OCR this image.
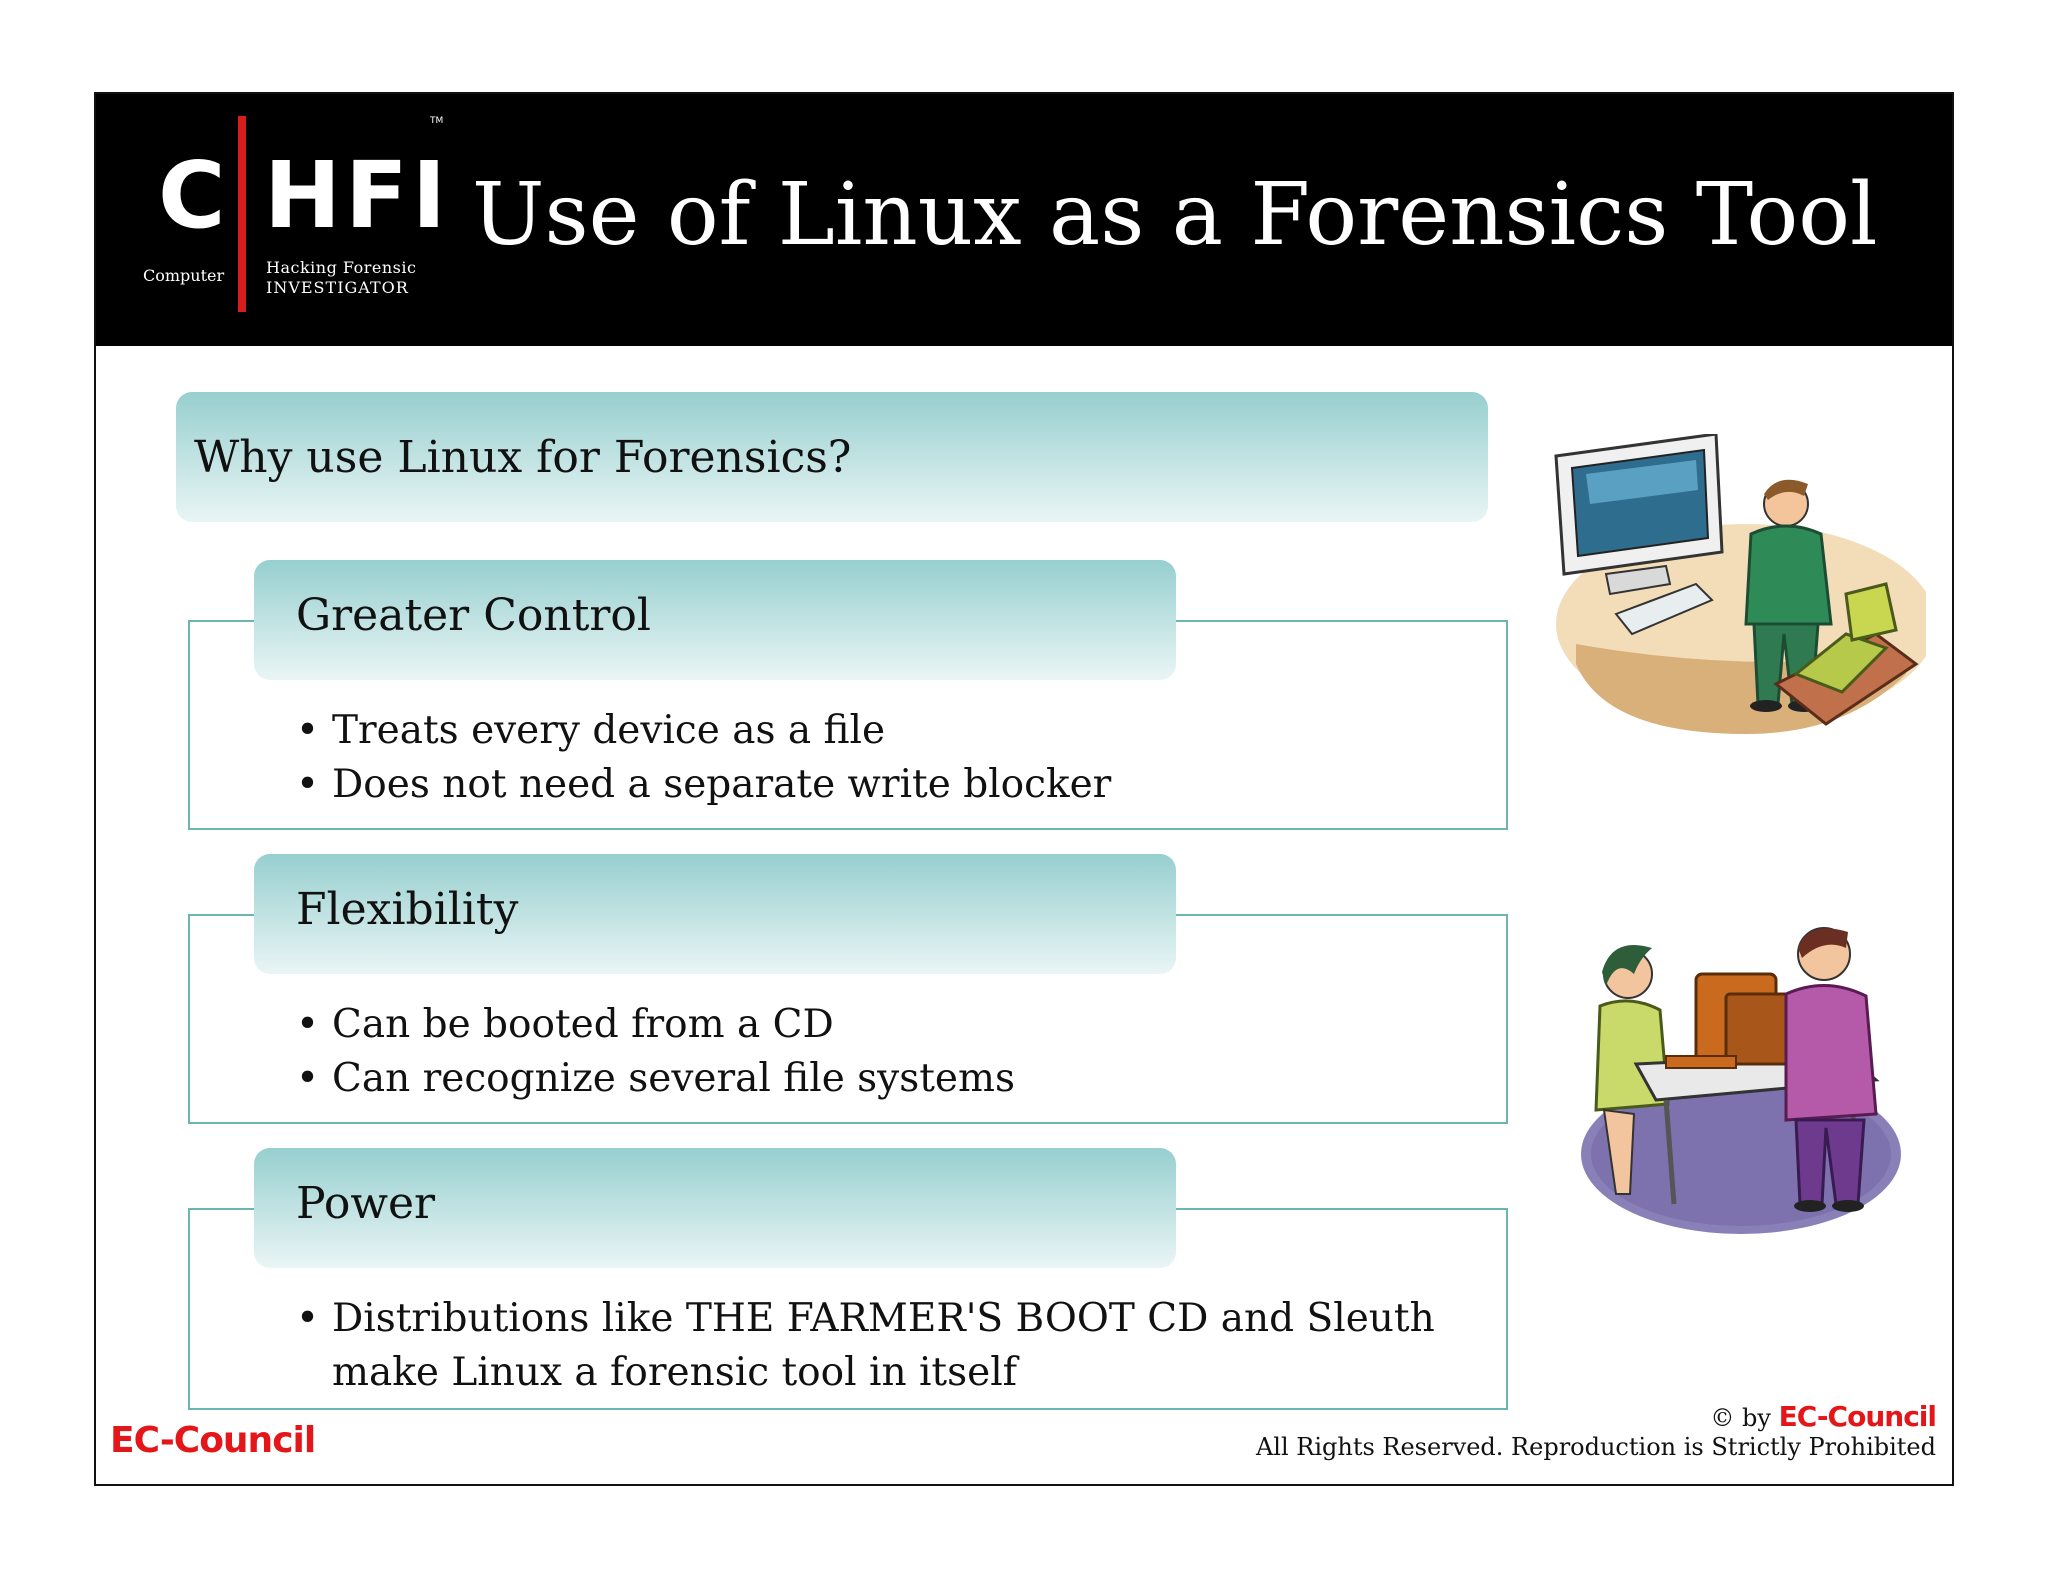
C HFI
TM
Computer	Hacking Forensic
INVESTIGATOR
Use of Linux as a Forensics Tool
Why use Linux for Forensics?
Greater Control
• Treats every device as a file
• Does not need a separate write blocker
Flexibility
• Can be booted from a CD
• Can recognize several file systems
Power
• Distributions like THE FARMER'S BOOT CD and Sleuth
make Linux a forensic tool in itself
EC-Council
© by EC-Council
All Rights Reserved. Reproduction is Strictly Prohibited
